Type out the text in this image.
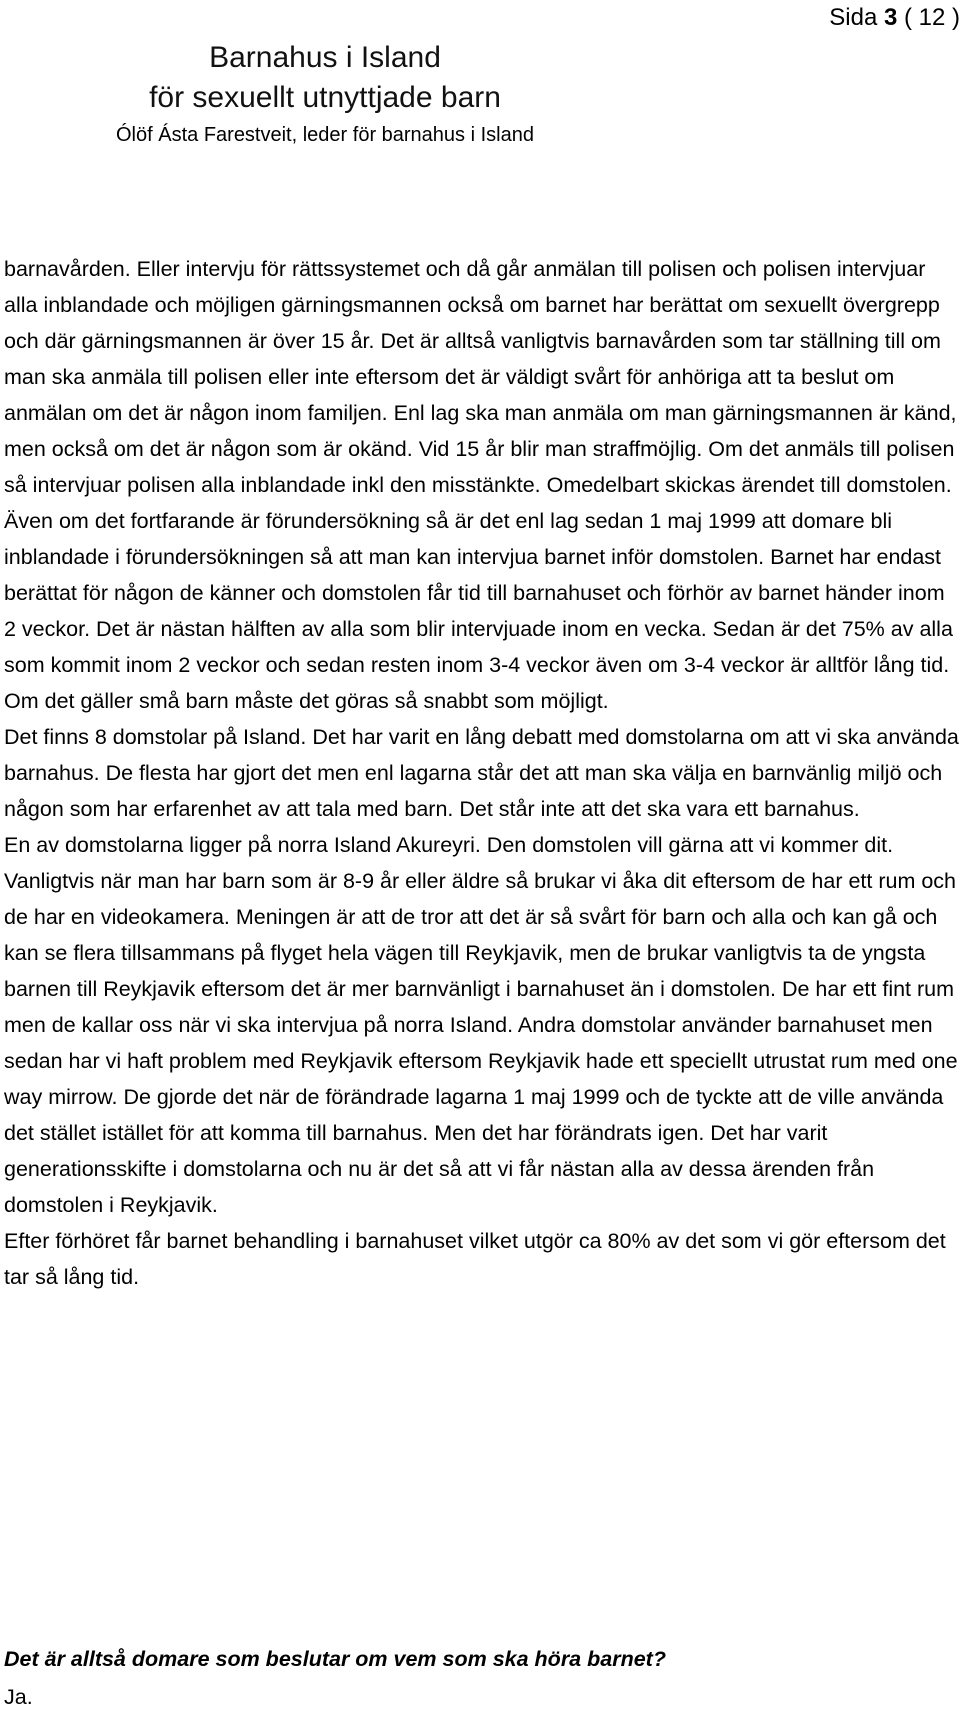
Sida 3 ( 12 )
Barnahus i Island
för sexuellt utnyttjade barn
Ólöf Ásta Farestveit, leder för barnahus i Island

barnavården. Eller intervju för rättssystemet och då går anmälan till polisen och polisen intervjuar alla inblandade och möjligen gärningsmannen också om barnet har berättat om sexuellt övergrepp och där gärningsmannen är över 15 år. Det är alltså vanligtvis barnavården som tar ställning till om man ska anmäla till polisen eller inte eftersom det är väldigt svårt för anhöriga att ta beslut om anmälan om det är någon inom familjen. Enl lag ska man anmäla om man gärningsmannen är känd, men också om det är någon som är okänd. Vid 15 år blir man straffmöjlig. Om det anmäls till polisen så intervjuar polisen alla inblandade inkl den misstänkte. Omedelbart skickas ärendet till domstolen. Även om det fortfarande är förundersökning så är det enl lag sedan 1 maj 1999 att domare bli inblandade i förundersökningen så att man kan intervjua barnet inför domstolen. Barnet har endast berättat för någon de känner och domstolen får tid till barnahuset och förhör av barnet händer inom 2 veckor. Det är nästan hälften av alla som blir intervjuade inom en vecka. Sedan är det 75% av alla som kommit inom 2 veckor och sedan resten inom 3-4 veckor även om 3-4 veckor är alltför lång tid. Om det gäller små barn måste det göras så snabbt som möjligt.

Det finns 8 domstolar på Island. Det har varit en lång debatt med domstolarna om att vi ska använda barnahus. De flesta har gjort det men enl lagarna står det att man ska välja en barnvänlig miljö och någon som har erfarenhet av att tala med barn. Det står inte att det ska vara ett barnahus.

En av domstolarna ligger på norra Island Akureyri. Den domstolen vill gärna att vi kommer dit. Vanligtvis när man har barn som är 8-9 år eller äldre så brukar vi åka dit eftersom de har ett rum och de har en videokamera. Meningen är att de tror att det är så svårt för barn och alla och kan gå och kan se flera tillsammans på flyget hela vägen till Reykjavik, men de brukar vanligtvis ta de yngsta barnen till Reykjavik eftersom det är mer barnvänligt i barnahuset än i domstolen. De har ett fint rum men de kallar oss när vi ska intervjua på norra Island. Andra domstolar använder barnahuset men sedan har vi haft problem med Reykjavik eftersom Reykjavik hade ett speciellt utrustat rum med one way mirrow. De gjorde det när de förändrade lagarna 1 maj 1999 och de tyckte att de ville använda det stället istället för att komma till barnahus. Men det har förändrats igen. Det har varit generationsskifte i domstolarna och nu är det så att vi får nästan alla av dessa ärenden från domstolen i Reykjavik.

Efter förhöret får barnet behandling i barnahuset vilket utgör ca 80% av det som vi gör eftersom det tar så lång tid.

Det är alltså domare som beslutar om vem som ska höra barnet?
Ja.
